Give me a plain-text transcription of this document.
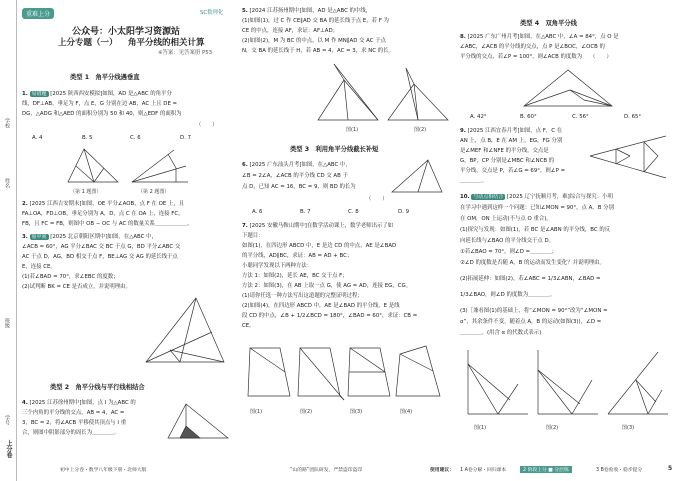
学校
姓名
班级
学号
上分卷
重难上分	SC数理化
公众号：小太阳学习资源站
上分专题（一） 角平分线的相关计算
※答案：见答案册 P53
类型 1　角平分线遇垂直
1. 易错题 [2025 陕西西安模拟]如图，AD 是△ABC 的角平分
线，DF⊥AB，垂足为 F，点 E，G 分别在边 AB，AC 上且 DE =
DG，△ADG 和△AED 的面积分别为 50 和 40，则△EDF 的面积为
（　　）
A. 4	B. 5	C. 6	D. 7
（第 1 题图）	（第 2 题图）
2. [2025 江西吉安期末]如图，OE 平分∠AOB，点 F 在 OE 上，且
FA⊥OA，FD⊥OB，垂足分别为 A，D，点 C 在 OA 上，连接 FC，
FB，且 FC = FB，则图中 OB − OC 与 AC 的数量关系＿＿＿＿＿＿。
3. 重中间 [2025 北京朝阳区期中]如图，在△ABC 中，
∠ACB = 60°，AG 平分∠BAC 交 BC 于点 G，BD 平分∠ABC 交
AC 于点 D，AG，BD 相交于点 F，BE⊥AG 交 AG 的延长线于点
E，连接 CE。
(1)若∠BAD = 70°，求∠EBC 的度数；
(2)试判断 BK = CE 是否成立，并说明理由。
类型 2　角平分线与平行线相结合
4. [2025 江苏徐州期中]如图，点 I 为△ABC 的
三个内角的平分线的交点，AB = 4，AC =
3，BC = 2，将∠ACB 平移使其顶点与 I 重
合，则图中阴影部分的周长为＿＿＿＿。
初中上分卷・数学八年级下册・北师大版
5. [2024 江苏扬州期中]如图，AD 是△ABC 的中线，
(1)如图(1)，过 C 作 CE∥AD 交 BA 的延长线于点 E，若 F 为
CE 的中点，连接 AF，求证：AF⊥AD；
(2)如图(2)，M 为 BC 的中点，以 M 作 MN∥AD 交 AC 于点
N，交 BA 的延长线于 H，若 AB = 4，AC = 3，求 NC 的长。
图(1)	图(2)
类型 3　利用角平分线截长补短
6. [2025 广东汕头月考]如图，在△ABC 中，
∠B = 2∠A，∠ACB 的平分线 CD 交 AB 于
点 D，已知 AC = 16，BC = 9，则 BD 的长为
（　　）
A. 6	B. 7	C. 8	D. 9
7. [2025 安徽马鞍山期中]在数学活动课上，数学老师出示了如
下题目：
如图(1)，在四边形 ABCD 中，E 是边 CD 的中点，AE 是∠BAD
的平分线，AD∥BC，求证：AB = AD + BC；
小聪同学发现以下两种方法：
方法 1：如图(2)，延长 AE，BC 交于点 F；
方法 2：如图(3)，在 AB 上取一点 G，使 AG = AD，连接 EG，CG。
(1)请你任选一种方法写出这道题的完整证明过程；
(2)如图(4)，在四边形 ABCD 中，AE 是∠BAD 的平分线，E 是线
段 CD 的中点，∠B + 1/2∠BCD = 180°，∠BAD = 60°，求证：CB =
CE。
图(1)	图(2)	图(3)	图(4)
“山的路”团队研发，严禁盗印盗印
类型 4　双角平分线
8. [2025 广东广州月考]如图，在△ABC 中，∠A = 84°，点 O 是
∠ABC，∠ACB 的平分线的交点，点 P 是∠BOC，∠OCB 的
平分线的交点，若∠P = 100°，则∠ACB 的度数为　　（　　）
A. 42°	B. 60°	C. 56°	D. 65°
9. [2025 江西宜春月考]如图，点 F，C 在
AN 上，点 B，E 在 AM 上，EG，FG 分别
是∠MEF 和∠NFE 的平分线，交点是
G，BP，CP 分别是∠MBC 和∠NCB 的
平分线，交点是 P，若∠G = 69°，则∠P =
＿＿＿＿。
10. 与动点相结合 [2025 辽宁抚顺月考，难]综合与探究：小明
在学习中遇到这样一个问题：已知∠MON = 90°，点 A，B 分别
在 OM，ON 上运动(不与点 O 重合)。
(1)探究与发现：如图(1)，若 BC 是∠ABN 的平分线，BC 的反
向延长线与∠BAO 的平分线交于点 D。
①若∠BAO = 70°，则∠D =＿＿＿＿；
②∠D 的度数是否随 A，B 的运动而发生变化？并说明理由。
(2)拓展延伸：如图(2)，若∠ABC = 1/3∠ABN，∠BAD =
1/3∠BAO，则∠D 的度数为＿＿＿＿。
(3)［兼看图(1)的基础上，将“∠MON = 90°”改为“∠MON =
α”，其余条件不变，随着点 A，B 的运动(如图(3))，∠D =
＿＿＿＿。(用含 α 的代数式表示)
图(1)	图(2)	图(3)
使用建议： 1 A卷分解・回归课本	2 阶段上分 ■ 分层练	3 B卷验收・稳步提分	5
